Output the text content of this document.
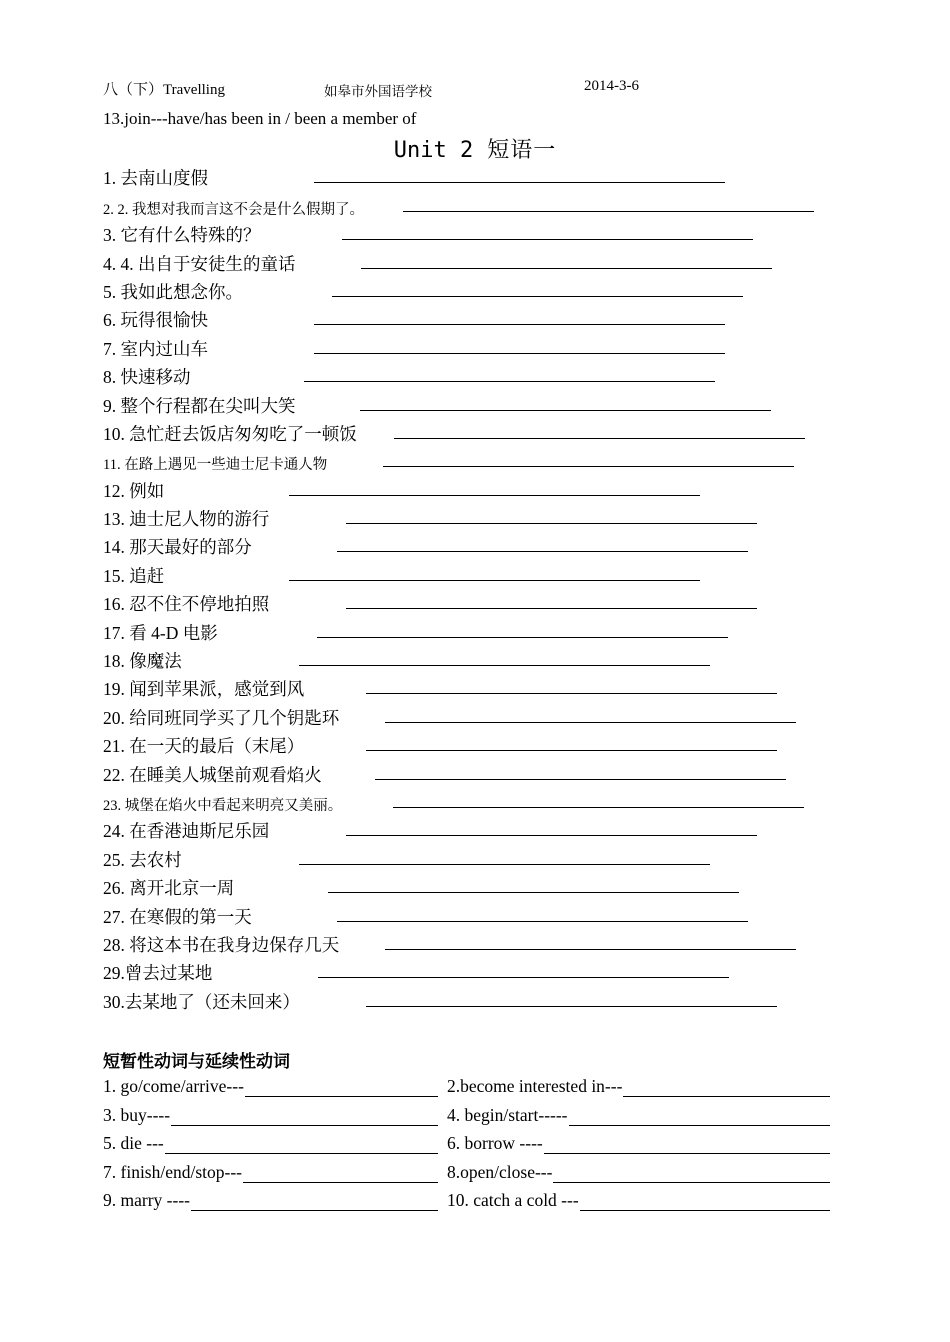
八（下）Travelling	如皋市外国语学校	2014-3-6
13.join---have/has been in / been a member of
Unit 2 短语一
1. 去南山度假
2. 2. 我想对我而言这不会是什么假期了。
3. 它有什么特殊的？
4. 4. 出自于安徒生的童话
5. 我如此想念你。
6. 玩得很愉快
7. 室内过山车
8. 快速移动
9. 整个行程都在尖叫大笑
10. 急忙赶去饭店匆匆吃了一顿饭
11. 在路上遇见一些迪士尼卡通人物
12. 例如
13. 迪士尼人物的游行
14. 那天最好的部分
15. 追赶
16. 忍不住不停地拍照
17. 看 4-D 电影
18. 像魔法
19. 闻到苹果派，感觉到风
20. 给同班同学买了几个钥匙环
21. 在一天的最后（末尾）
22. 在睡美人城堡前观看焰火
23. 城堡在焰火中看起来明亮又美丽。
24. 在香港迪斯尼乐园
25. 去农村
26. 离开北京一周
27. 在寒假的第一天
28. 将这本书在我身边保存几天
29.曾去过某地
30.去某地了（还未回来）
短暂性动词与延续性动词
1. go/come/arrive---	2.become interested in---
3. buy----	4. begin/start-----
5. die ---	6. borrow ----
7. finish/end/stop---	8.open/close---
9. marry ----	10. catch a cold ---
